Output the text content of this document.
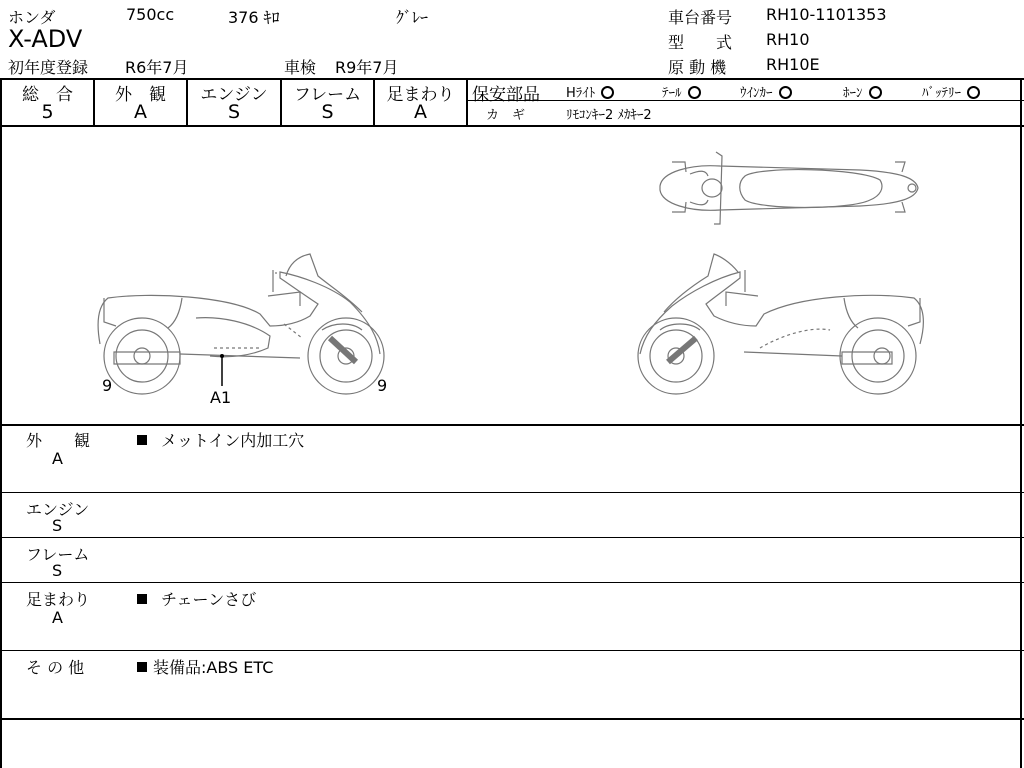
ホンダ	750cc	376 ｷﾛ	ｸﾞﾚｰ
X-ADV
初年度登録 R6年7月	車検 R9年7月
車台番号 RH10-1101353
型　　式 RH10
原 動 機 RH10E
総　合
5
外　観
A
エンジン
S
フレーム
S
足まわり
A
保安部品 Hﾗｲﾄ	ﾃｰﾙ	ｳｲﾝｶｰ	ﾎｰﾝ	ﾊﾞｯﾃﾘｰ
カ　ギ	ﾘﾓｺﾝｷｰ2 ﾒｶｷｰ2
9
A1
9
外　　観
A
メットイン内加工穴
エンジン
S
フレーム
S
足まわり
A
チェーンさび
そ の 他	装備品:ABS ETC
